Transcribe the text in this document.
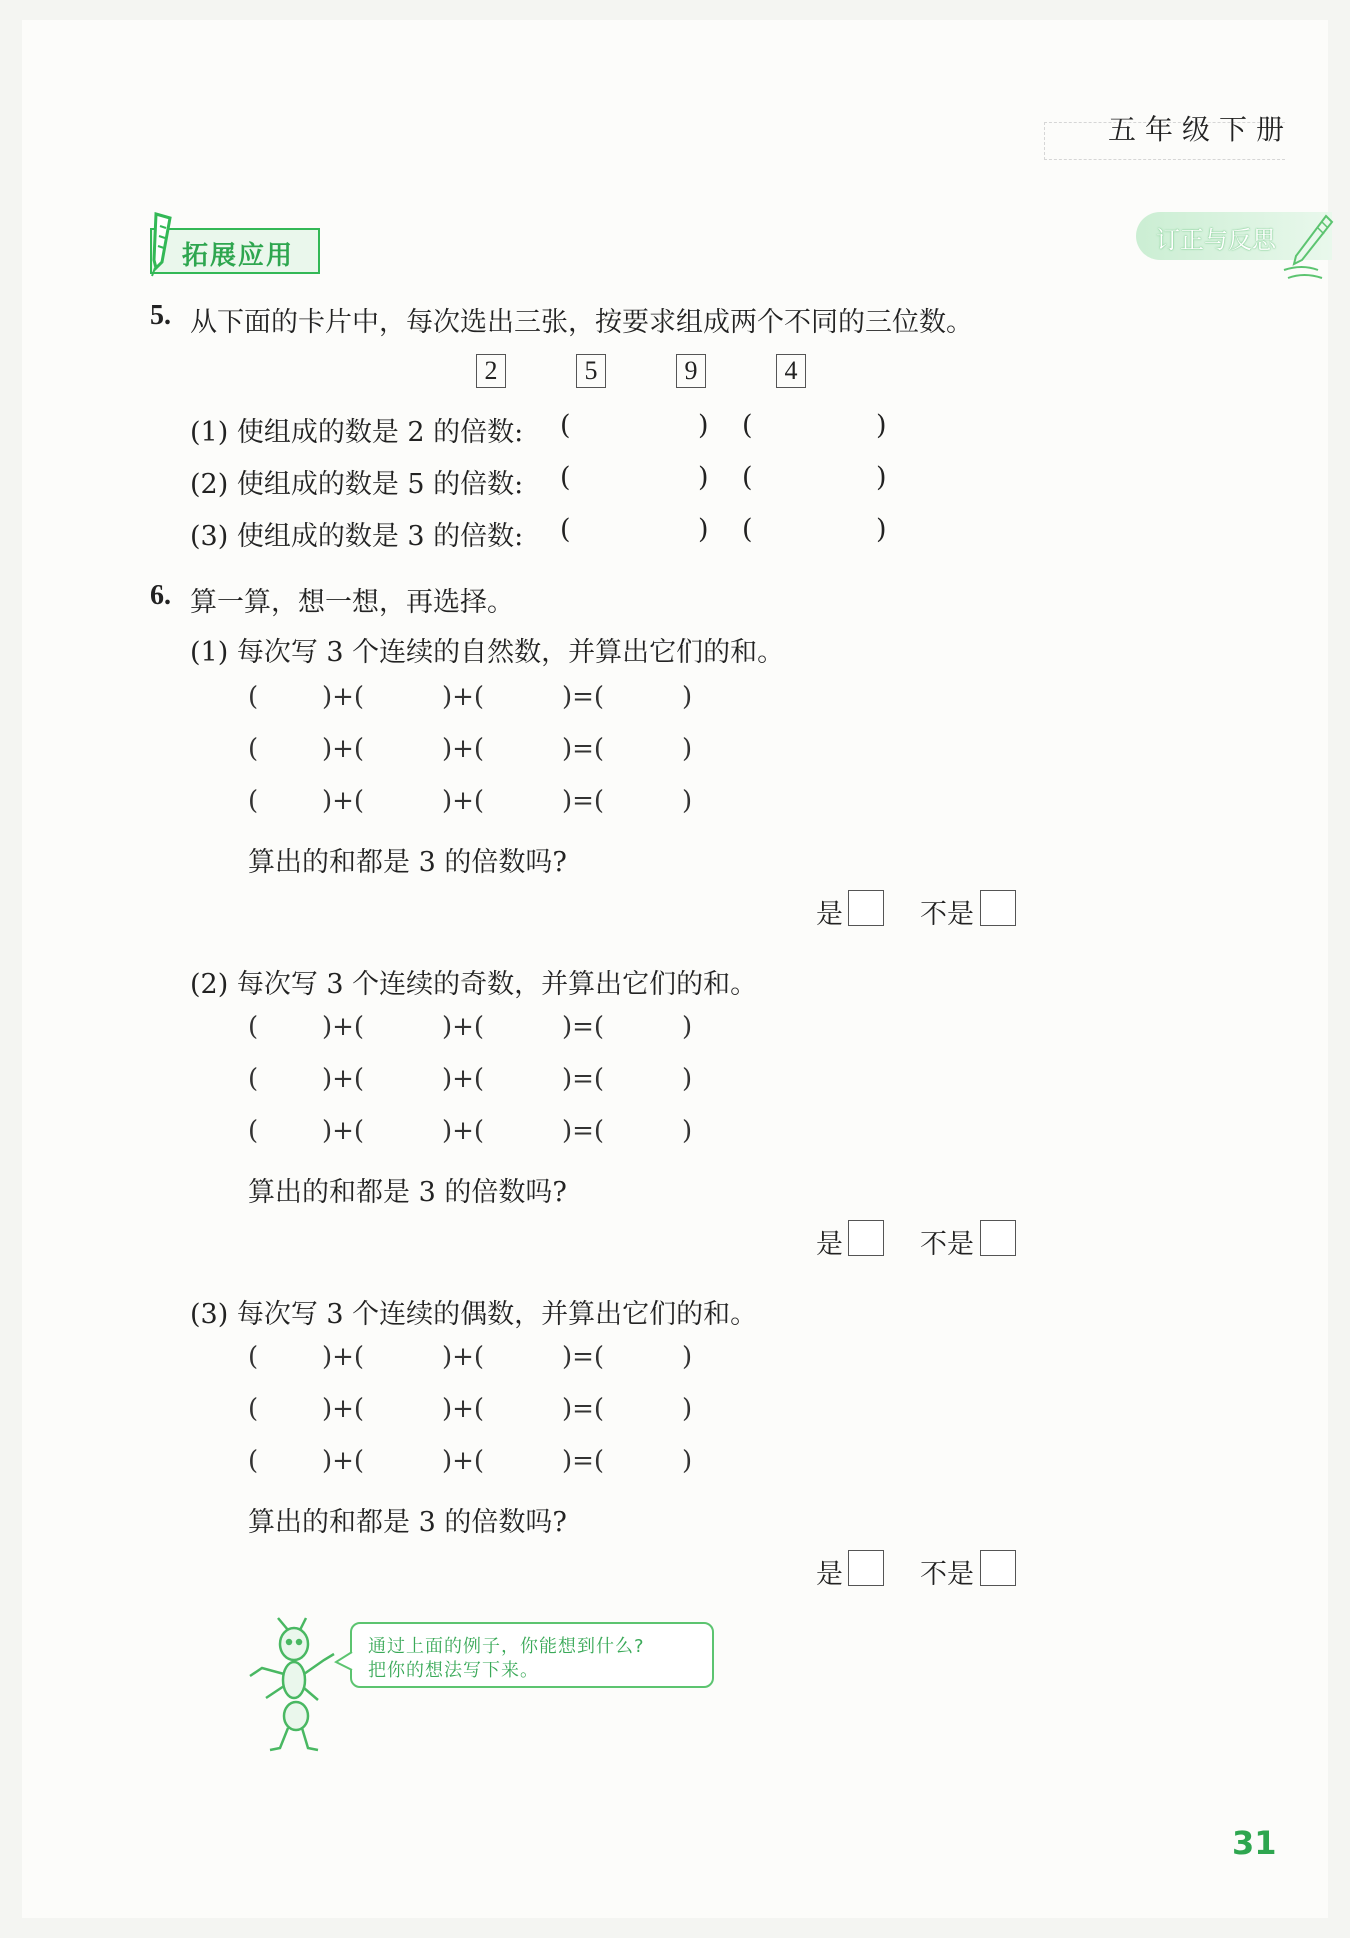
五年级下册
拓展应用
订正与反思
5. 从下面的卡片中，每次选出三张，按要求组成两个不同的三位数。
2	5	9	4
(1) 使组成的数是 2 的倍数: (	) (	)
(2) 使组成的数是 5 的倍数: (	) (	)
(3) 使组成的数是 3 的倍数: (	) (	)
6. 算一算，想一想，再选择。
(1) 每次写 3 个连续的自然数，并算出它们的和。
( )+(	)+(	)=(	)
( )+(	)+(	)=(	)
( )+(	)+(	)=(	)
算出的和都是 3 的倍数吗?
是	不是
(2) 每次写 3 个连续的奇数，并算出它们的和。
( )+(	)+(	)=(	)
( )+(	)+(	)=(	)
( )+(	)+(	)=(	)
算出的和都是 3 的倍数吗?
是	不是
(3) 每次写 3 个连续的偶数，并算出它们的和。
( )+(	)+(	)=(	)
( )+(	)+(	)=(	)
( )+(	)+(	)=(	)
算出的和都是 3 的倍数吗?
是	不是
通过上面的例子，你能想到什么?
把你的想法写下来。
31
